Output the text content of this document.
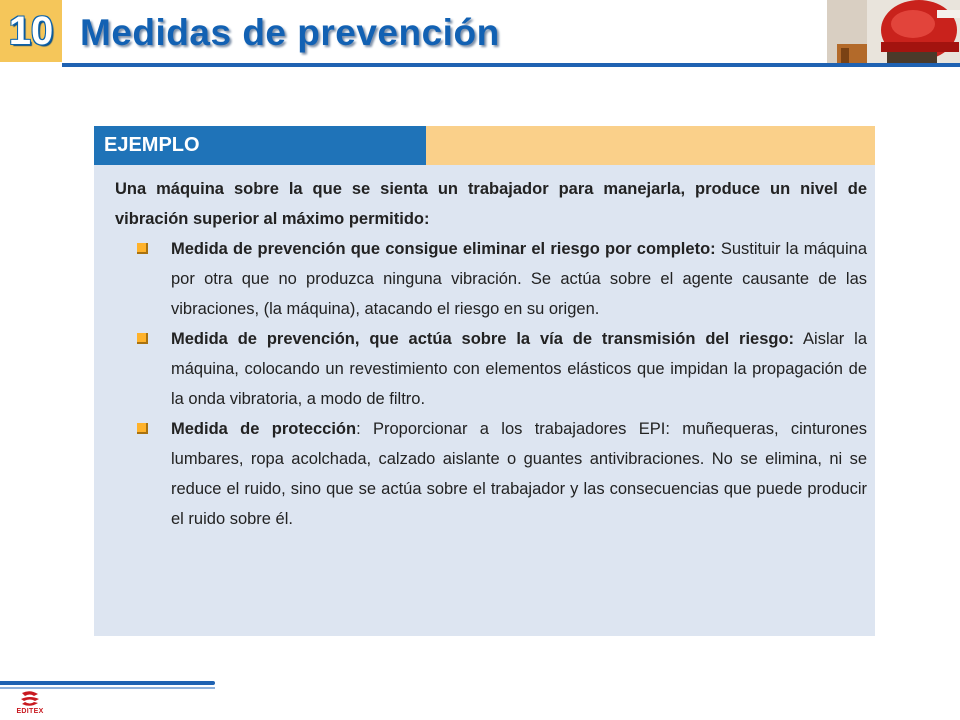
10 Medidas de prevención
EJEMPLO

Una máquina sobre la que se sienta un trabajador para manejarla, produce un nivel de vibración superior al máximo permitido:

Medida de prevención que consigue eliminar el riesgo por completo: Sustituir la máquina por otra que no produzca ninguna vibración. Se actúa sobre el agente causante de las vibraciones, (la máquina), atacando el riesgo en su origen.
Medida de prevención, que actúa sobre la vía de transmisión del riesgo: Aislar la máquina, colocando un revestimiento con elementos elásticos que impidan la propagación de la onda vibratoria, a modo de filtro.
Medida de protección: Proporcionar a los trabajadores EPI: muñequeras, cinturones lumbares, ropa acolchada, calzado aislante o guantes antivibraciones. No se elimina, ni se reduce el ruido, sino que se actúa sobre el trabajador y las consecuencias que puede producir el ruido sobre él.
EDITEX
